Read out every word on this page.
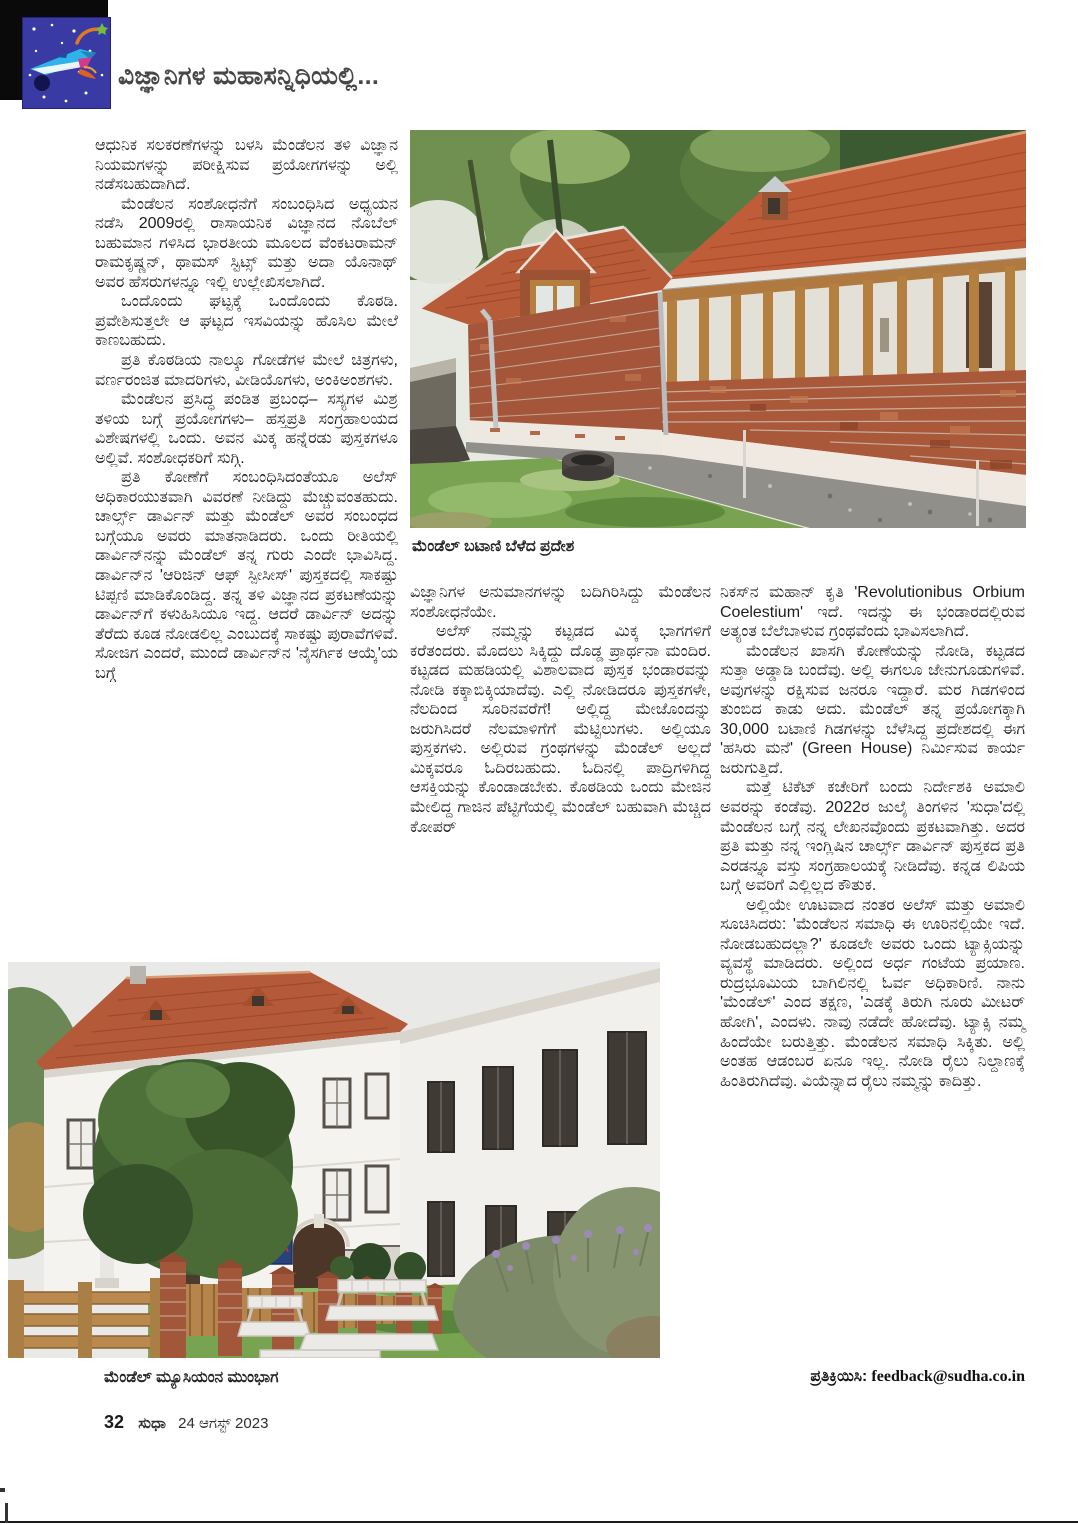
ವಿಜ್ಞಾನಿಗಳ ಮಹಾಸನ್ನಿಧಿಯಲ್ಲಿ...
ಮೆಂಡೆಲ್ ಬಟಾಣಿ ಬೆಳೆದ ಪ್ರದೇಶ

ಆಧುನಿಕ ಸಲಕರಣೆಗಳನ್ನು ಬಳಸಿ ಮೆಂಡೆಲನ ತಳಿ ವಿಜ್ಞಾನ ನಿಯಮಗಳನ್ನು ಪರೀಕ್ಷಿಸುವ ಪ್ರಯೋಗಗಳನ್ನು ಅಲ್ಲಿ ನಡೆಸಬಹುದಾಗಿದೆ.

ಮೆಂಡೆಲನ ಸಂಶೋಧನೆಗೆ ಸಂಬಂಧಿಸಿದ ಅಧ್ಯಯನ ನಡೆಸಿ 2009ರಲ್ಲಿ ರಾಸಾಯನಿಕ ವಿಜ್ಞಾನದ ನೊಬೆಲ್ ಬಹುಮಾನ ಗಳಿಸಿದ ಭಾರತೀಯ ಮೂಲದ ವೆಂಕಟರಾಮನ್ ರಾಮಕೃಷ್ಣನ್, ಥಾಮಸ್ ಸ್ಟಿಟ್ಸ್ ಮತ್ತು ಅದಾ ಯೊನಾಥ್ ಅವರ ಹೆಸರುಗಳನ್ನೂ ಇಲ್ಲಿ ಉಲ್ಲೇಖಿಸಲಾಗಿದೆ.

ಒಂದೊಂದು ಘಟ್ಟಕ್ಕೆ ಒಂದೊಂದು ಕೊಠಡಿ. ಪ್ರವೇಶಿಸುತ್ತಲೇ ಆ ಘಟ್ಟದ ಇಸವಿಯನ್ನು ಹೊಸಿಲ ಮೇಲೆ ಕಾಣಬಹುದು.

ಪ್ರತಿ ಕೊಠಡಿಯ ನಾಲ್ಕೂ ಗೋಡೆಗಳ ಮೇಲೆ ಚಿತ್ರಗಳು, ವರ್ಣರಂಜಿತ ಮಾದರಿಗಳು, ವೀಡಿಯೊಗಳು, ಅಂಕಿಅಂಶಗಳು.

ಮೆಂಡೆಲನ ಪ್ರಸಿದ್ಧ ಪಂಡಿತ ಪ್ರಬಂಧ– ಸಸ್ಯಗಳ ಮಿಶ್ರ ತಳಿಯ ಬಗ್ಗೆ ಪ್ರಯೋಗಗಳು– ಹಸ್ತಪ್ರತಿ ಸಂಗ್ರಹಾಲಯದ ವಿಶೇಷಗಳಲ್ಲಿ ಒಂದು. ಅವನ ಮಿಕ್ಕ ಹನ್ನೆರಡು ಪುಸ್ತಕಗಳೂ ಅಲ್ಲಿವೆ. ಸಂಶೋಧಕರಿಗೆ ಸುಗ್ಗಿ.

ಪ್ರತಿ ಕೋಣೆಗೆ ಸಂಬಂಧಿಸಿದಂತೆಯೂ ಅಲೆಸ್ ಅಧಿಕಾರಯುತವಾಗಿ ವಿವರಣೆ ನೀಡಿದ್ದು ಮೆಚ್ಚುವಂತಹುದು. ಚಾರ್ಲ್ಸ್ ಡಾರ್ವಿನ್ ಮತ್ತು ಮೆಂಡೆಲ್ ಅವರ ಸಂಬಂಧದ ಬಗ್ಗೆಯೂ ಅವರು ಮಾತನಾಡಿದರು. ಒಂದು ರೀತಿಯಲ್ಲಿ ಡಾರ್ವಿನ್‌ನನ್ನು ಮೆಂಡೆಲ್ ತನ್ನ ಗುರು ಎಂದೇ ಭಾವಿಸಿದ್ದ. ಡಾರ್ವಿನ್‌ನ 'ಆರಿಜಿನ್ ಆಫ್ ಸ್ಪೀಸೀಸ್' ಪುಸ್ತಕದಲ್ಲಿ ಸಾಕಷ್ಟು ಟಿಪ್ಪಣಿ ಮಾಡಿಕೊಂಡಿದ್ದ. ತನ್ನ ತಳಿ ವಿಜ್ಞಾನದ ಪ್ರಕಟಣೆಯನ್ನು ಡಾರ್ವಿನ್‌ಗೆ ಕಳುಹಿಸಿಯೂ ಇದ್ದ. ಆದರೆ ಡಾರ್ವಿನ್ ಅದನ್ನು ತೆರೆದು ಕೂಡ ನೋಡಲಿಲ್ಲ ಎಂಬುದಕ್ಕೆ ಸಾಕಷ್ಟು ಪುರಾವೆಗಳಿವೆ. ಸೋಜಿಗ ಎಂದರೆ, ಮುಂದೆ ಡಾರ್ವಿನ್‌ನ 'ನೈಸರ್ಗಿಕ ಆಯ್ಕೆ'ಯ ಬಗ್ಗೆ

ವಿಜ್ಞಾನಿಗಳ ಅನುಮಾನಗಳನ್ನು ಬದಿಗಿರಿಸಿದ್ದು ಮೆಂಡೆಲನ ಸಂಶೋಧನೆಯೇ.

ಅಲೆಸ್ ನಮ್ಮನ್ನು ಕಟ್ಟಡದ ಮಿಕ್ಕ ಭಾಗಗಳಿಗೆ ಕರೆತಂದರು. ಮೊದಲು ಸಿಕ್ಕಿದ್ದು ದೊಡ್ಡ ಪ್ರಾರ್ಥನಾ ಮಂದಿರ. ಕಟ್ಟಡದ ಮಹಡಿಯಲ್ಲಿ ವಿಶಾಲವಾದ ಪುಸ್ತಕ ಭಂಡಾರವನ್ನು ನೋಡಿ ಕಕ್ಕಾಬಿಕ್ಕಿಯಾದೆವು. ಎಲ್ಲಿ ನೋಡಿದರೂ ಪುಸ್ತಕಗಳೇ, ನೆಲದಿಂದ ಸೂರಿನವರೆಗೆ! ಅಲ್ಲಿದ್ದ ಮೇಜೊಂದನ್ನು ಜರುಗಿಸಿದರೆ ನೆಲಮಾಳಿಗೆಗೆ ಮೆಟ್ಟಿಲುಗಳು. ಅಲ್ಲಿಯೂ ಪುಸ್ತಕಗಳು. ಅಲ್ಲಿರುವ ಗ್ರಂಥಗಳನ್ನು ಮೆಂಡೆಲ್ ಅಲ್ಲದೆ ಮಿಕ್ಕವರೂ ಓದಿರಬಹುದು. ಓದಿನಲ್ಲಿ ಪಾದ್ರಿಗಳಿಗಿದ್ದ ಆಸಕ್ತಿಯನ್ನು ಕೊಂಡಾಡಬೇಕು. ಕೊಠಡಿಯ ಒಂದು ಮೇಜಿನ ಮೇಲಿದ್ದ ಗಾಜಿನ ಪೆಟ್ಟಿಗೆಯಲ್ಲಿ ಮೆಂಡೆಲ್ ಬಹುವಾಗಿ ಮೆಚ್ಚಿದ ಕೋಪರ್

ನಿಕಸ್‌ನ ಮಹಾನ್ ಕೃತಿ 'Revolutionibus Orbium Coelestium' ಇದೆ. ಇದನ್ನು ಈ ಭಂಡಾರದಲ್ಲಿರುವ ಅತ್ಯಂತ ಬೆಲೆಬಾಳುವ ಗ್ರಂಥವೆಂದು ಭಾವಿಸಲಾಗಿದೆ.

ಮೆಂಡೆಲನ ಖಾಸಗಿ ಕೋಣೆಯನ್ನು ನೋಡಿ, ಕಟ್ಟಡದ ಸುತ್ತಾ ಅಡ್ಡಾಡಿ ಬಂದೆವು. ಅಲ್ಲಿ ಈಗಲೂ ಜೇನುಗೂಡುಗಳಿವೆ. ಅವುಗಳನ್ನು ರಕ್ಷಿಸುವ ಜನರೂ ಇದ್ದಾರೆ. ಮರ ಗಿಡಗಳಿಂದ ತುಂಬಿದ ಕಾಡು ಅದು. ಮೆಂಡೆಲ್ ತನ್ನ ಪ್ರಯೋಗಕ್ಕಾಗಿ 30,000 ಬಟಾಣಿ ಗಿಡಗಳನ್ನು ಬೆಳೆಸಿದ್ದ ಪ್ರದೇಶದಲ್ಲಿ ಈಗ 'ಹಸಿರು ಮನೆ' (Green House) ನಿರ್ಮಿಸುವ ಕಾರ್ಯ ಜರುಗುತ್ತಿದೆ.

ಮತ್ತೆ ಟಿಕೆಟ್ ಕಚೇರಿಗೆ ಬಂದು ನಿರ್ದೇಶಕಿ ಅಮಾಲಿ ಅವರನ್ನು ಕಂಡೆವು. 2022ರ ಜುಲೈ ತಿಂಗಳಿನ 'ಸುಧಾ'ದಲ್ಲಿ ಮೆಂಡೆಲನ ಬಗ್ಗೆ ನನ್ನ ಲೇಖನವೊಂದು ಪ್ರಕಟವಾಗಿತ್ತು. ಅದರ ಪ್ರತಿ ಮತ್ತು ನನ್ನ ಇಂಗ್ಲಿಷಿನ ಚಾರ್ಲ್ಸ್ ಡಾರ್ವಿನ್ ಪುಸ್ತಕದ ಪ್ರತಿ ಎರಡನ್ನೂ ವಸ್ತು ಸಂಗ್ರಹಾಲಯಕ್ಕೆ ನೀಡಿದೆವು. ಕನ್ನಡ ಲಿಪಿಯ ಬಗ್ಗೆ ಅವರಿಗೆ ಎಲ್ಲಿಲ್ಲದ ಕೌತುಕ.

ಅಲ್ಲಿಯೇ ಊಟವಾದ ನಂತರ ಅಲೆಸ್ ಮತ್ತು ಅಮಾಲಿ ಸೂಚಿಸಿದರು: 'ಮೆಂಡೆಲನ ಸಮಾಧಿ ಈ ಊರಿನಲ್ಲಿಯೇ ಇದೆ. ನೋಡಬಹುದಲ್ಲಾ?' ಕೂಡಲೇ ಅವರು ಒಂದು ಟ್ಯಾಕ್ಸಿಯನ್ನು ವ್ಯವಸ್ಥೆ ಮಾಡಿದರು. ಅಲ್ಲಿಂದ ಅರ್ಧ ಗಂಟೆಯ ಪ್ರಯಾಣ. ರುದ್ರಭೂಮಿಯ ಬಾಗಿಲಿನಲ್ಲಿ ಓರ್ವ ಅಧಿಕಾರಿಣಿ. ನಾನು 'ಮೆಂಡೆಲ್' ಎಂದ ತಕ್ಷಣ, 'ಎಡಕ್ಕೆ ತಿರುಗಿ ನೂರು ಮೀಟರ್ ಹೋಗಿ', ಎಂದಳು. ನಾವು ನಡೆದೇ ಹೋದೆವು. ಟ್ಯಾಕ್ಸಿ ನಮ್ಮ ಹಿಂದೆಯೇ ಬರುತ್ತಿತ್ತು. ಮೆಂಡೆಲನ ಸಮಾಧಿ ಸಿಕ್ಕಿತು. ಅಲ್ಲಿ ಅಂತಹ ಆಡಂಬರ ಏನೂ ಇಲ್ಲ. ನೋಡಿ ರೈಲು ನಿಲ್ದಾಣಕ್ಕೆ ಹಿಂತಿರುಗಿದೆವು. ವಿಯೆನ್ನಾದ ರೈಲು ನಮ್ಮನ್ನು ಕಾದಿತ್ತು.

ಮೆಂಡೆಲ್ ಮ್ಯೂಸಿಯಂನ ಮುಂಭಾಗ	ಪ್ರತಿಕ್ರಿಯಿಸಿ: feedback@sudha.co.in
32 ಸುಧಾ 24 ಆಗಸ್ಟ್ 2023
